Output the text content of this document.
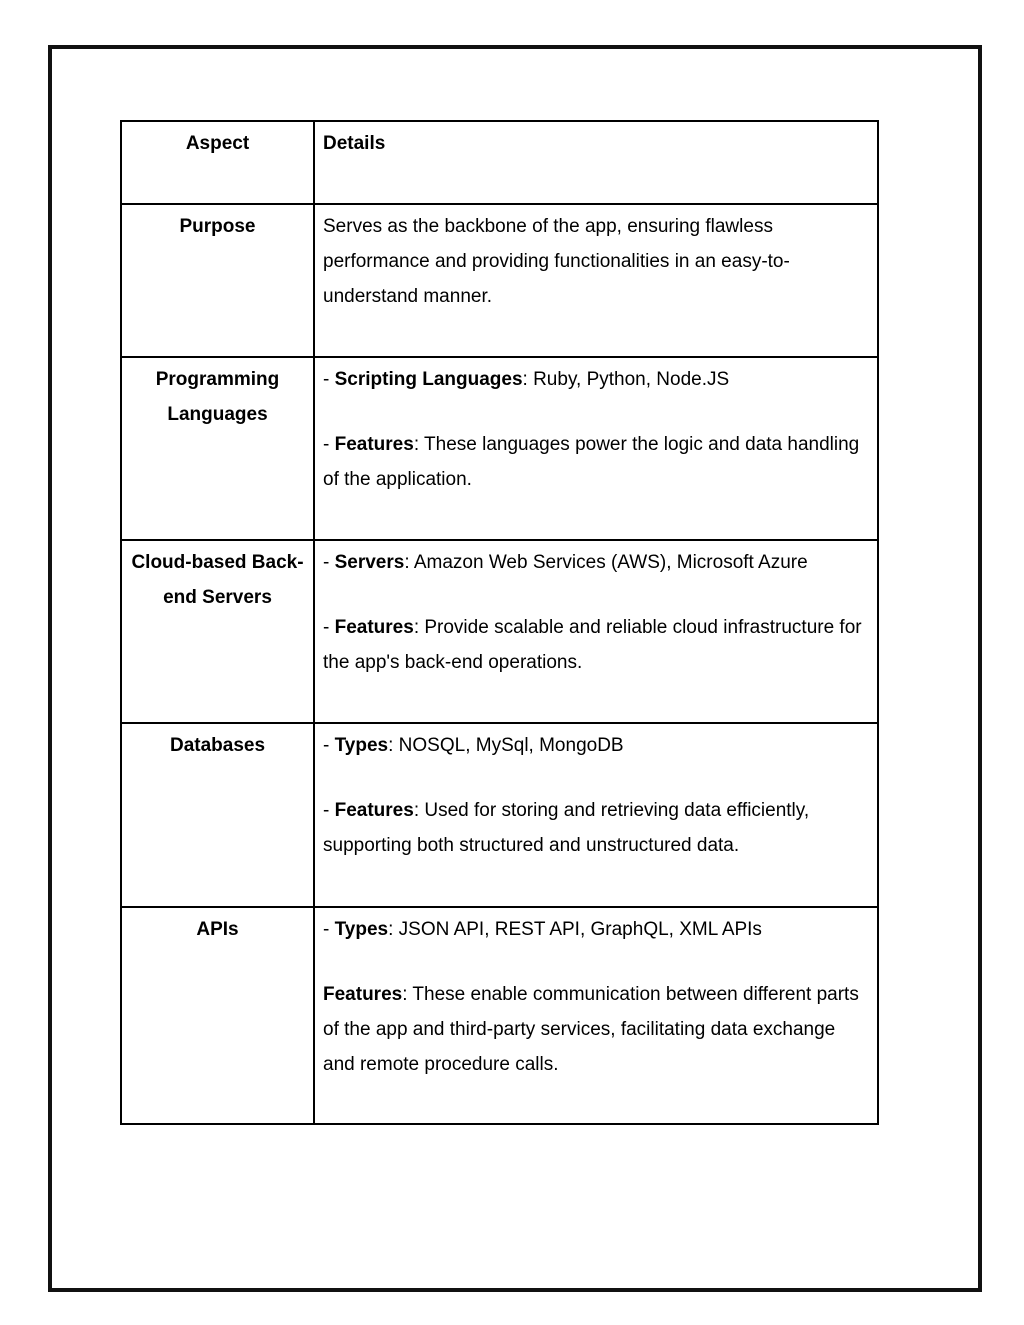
Aspect	Details
Purpose	Serves as the backbone of the app, ensuring flawless performance and providing functionalities in an easy-to-understand manner.

Programming Languages	- Scripting Languages: Ruby, Python, Node.JS

- Features: These languages power the logic and data handling of the application.

Cloud-based Back-end Servers	- Servers: Amazon Web Services (AWS), Microsoft Azure

- Features: Provide scalable and reliable cloud infrastructure for the app's back-end operations.

Databases	- Types: NOSQL, MySql, MongoDB

- Features: Used for storing and retrieving data efficiently, supporting both structured and unstructured data.

APIs	- Types: JSON API, REST API, GraphQL, XML APIs

Features: These enable communication between different parts of the app and third-party services, facilitating data exchange and remote procedure calls.
